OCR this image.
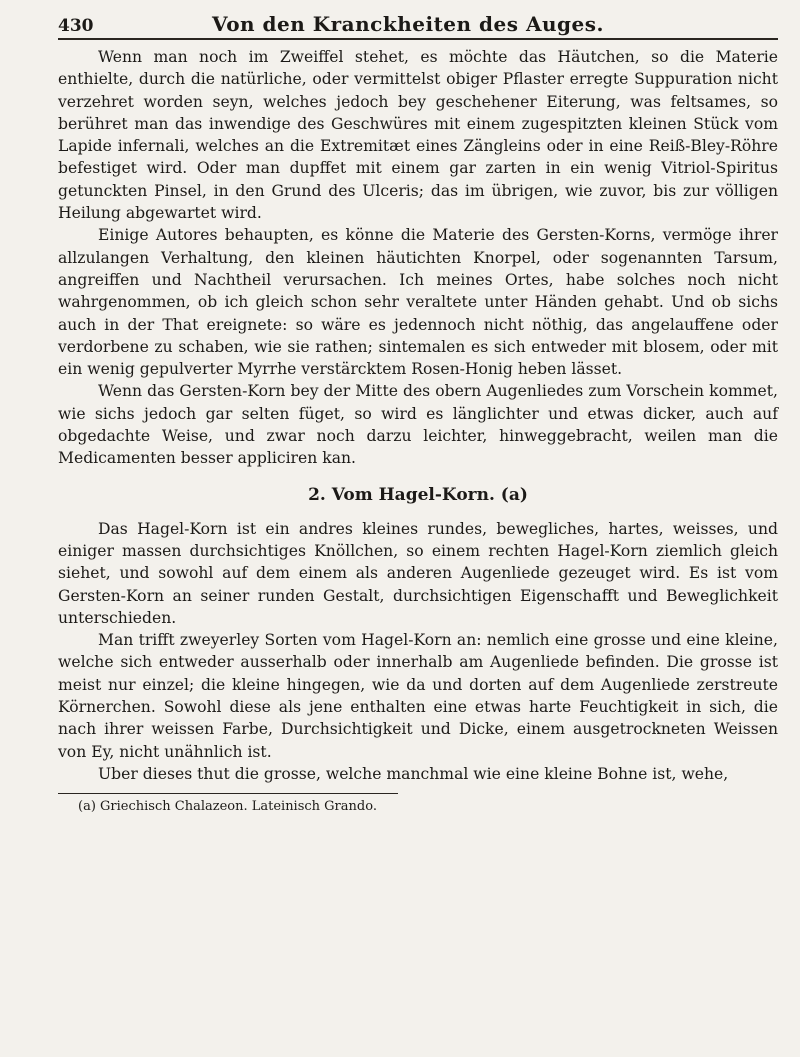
430	Von den Kranckheiten des Auges.

Wenn man noch im Zweiffel stehet, es möchte das Häutchen, so die Materie enthielte, durch die natürliche, oder vermittelst obiger Pflaster erregte Suppuration nicht verzehret worden seyn, welches jedoch bey geschehener Eiterung, was feltsames, so berühret man das inwendige des Geschwüres mit einem zugespitzten kleinen Stück vom Lapide infernali, welches an die Extremitæt eines Zängleins oder in eine Reiß-Bley-Röhre befestiget wird. Oder man dupffet mit einem gar zarten in ein wenig Vitriol-Spiritus getunckten Pinsel, in den Grund des Ulceris; das im übrigen, wie zuvor, bis zur völligen Heilung abgewartet wird.

Einige Autores behaupten, es könne die Materie des Gersten-Korns, vermöge ihrer allzulangen Verhaltung, den kleinen häutichten Knorpel, oder sogenannten Tarsum, angreiffen und Nachtheil verursachen. Ich meines Ortes, habe solches noch nicht wahrgenommen, ob ich gleich schon sehr veraltete unter Händen gehabt. Und ob sichs auch in der That ereignete: so wäre es jedennoch nicht nöthig, das angelauffene oder verdorbene zu schaben, wie sie rathen; sintemalen es sich entweder mit blosem, oder mit ein wenig gepulverter Myrrhe verstärcktem Rosen-Honig heben lässet.

Wenn das Gersten-Korn bey der Mitte des obern Augenliedes zum Vorschein kommet, wie sichs jedoch gar selten füget, so wird es länglichter und etwas dicker, auch auf obgedachte Weise, und zwar noch darzu leichter, hinweggebracht, weilen man die Medicamenten besser appliciren kan.

2. Vom Hagel-Korn. (a)

Das Hagel-Korn ist ein andres kleines rundes, bewegliches, hartes, weisses, und einiger massen durchsichtiges Knöllchen, so einem rechten Hagel-Korn ziemlich gleich siehet, und sowohl auf dem einem als anderen Augenliede gezeuget wird. Es ist vom Gersten-Korn an seiner runden Gestalt, durchsichtigen Eigenschafft und Beweglichkeit unterschieden.

Man trifft zweyerley Sorten vom Hagel-Korn an: nemlich eine grosse und eine kleine, welche sich entweder ausserhalb oder innerhalb am Augenliede befinden. Die grosse ist meist nur einzel; die kleine hingegen, wie da und dorten auf dem Augenliede zerstreute Körnerchen. Sowohl diese als jene enthalten eine etwas harte Feuchtigkeit in sich, die nach ihrer weissen Farbe, Durchsichtigkeit und Dicke, einem ausgetrockneten Weissen von Ey, nicht unähnlich ist.

Uber dieses thut die grosse, welche manchmal wie eine kleine Bohne ist, wehe,

(a) Griechisch Chalazeon. Lateinisch Grando.
